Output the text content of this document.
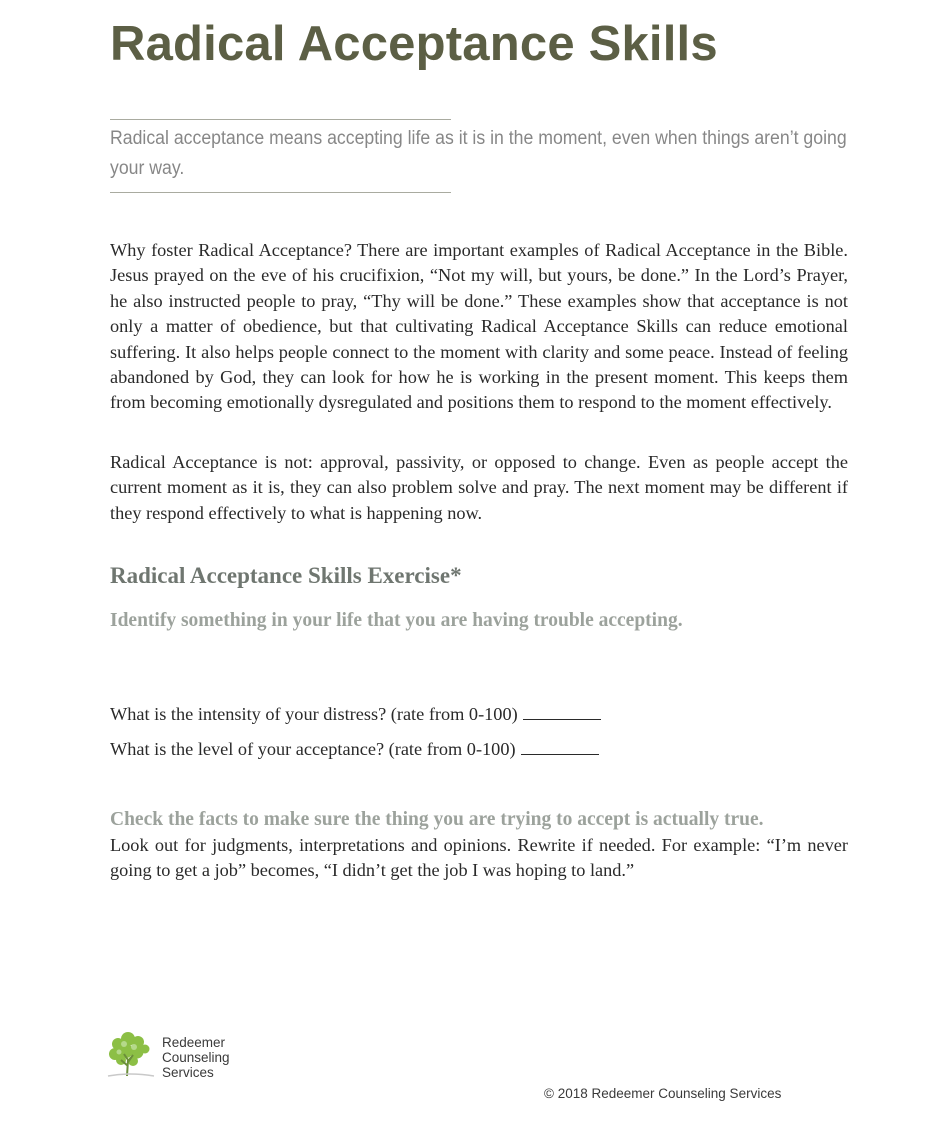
Radical Acceptance Skills

Radical acceptance means accepting life as it is in the moment, even when things aren’t going your way.

Why foster Radical Acceptance? There are important examples of Radical Acceptance in the Bible. Jesus prayed on the eve of his crucifixion, “Not my will, but yours, be done.” In the Lord’s Prayer, he also instructed people to pray, “Thy will be done.” These examples show that acceptance is not only a matter of obedience, but that cultivating Radical Acceptance Skills can reduce emotional suffering. It also helps people connect to the moment with clarity and some peace. Instead of feeling abandoned by God, they can look for how he is working in the present moment. This keeps them from becoming emotionally dysregulated and positions them to respond to the moment effectively.

Radical Acceptance is not: approval, passivity, or opposed to change. Even as people accept the current moment as it is, they can also problem solve and pray. The next moment may be different if they respond effectively to what is happening now.

Radical Acceptance Skills Exercise*
Identify something in your life that you are having trouble accepting.

What is the intensity of your distress? (rate from 0-100)

What is the level of your acceptance? (rate from 0-100)

Check the facts to make sure the thing you are trying to accept is actually true.

Look out for judgments, interpretations and opinions. Rewrite if needed. For example: “I’m never going to get a job” becomes, “I didn’t get the job I was hoping to land.”

Redeemer
Counseling
Services

© 2018 Redeemer Counseling Services
